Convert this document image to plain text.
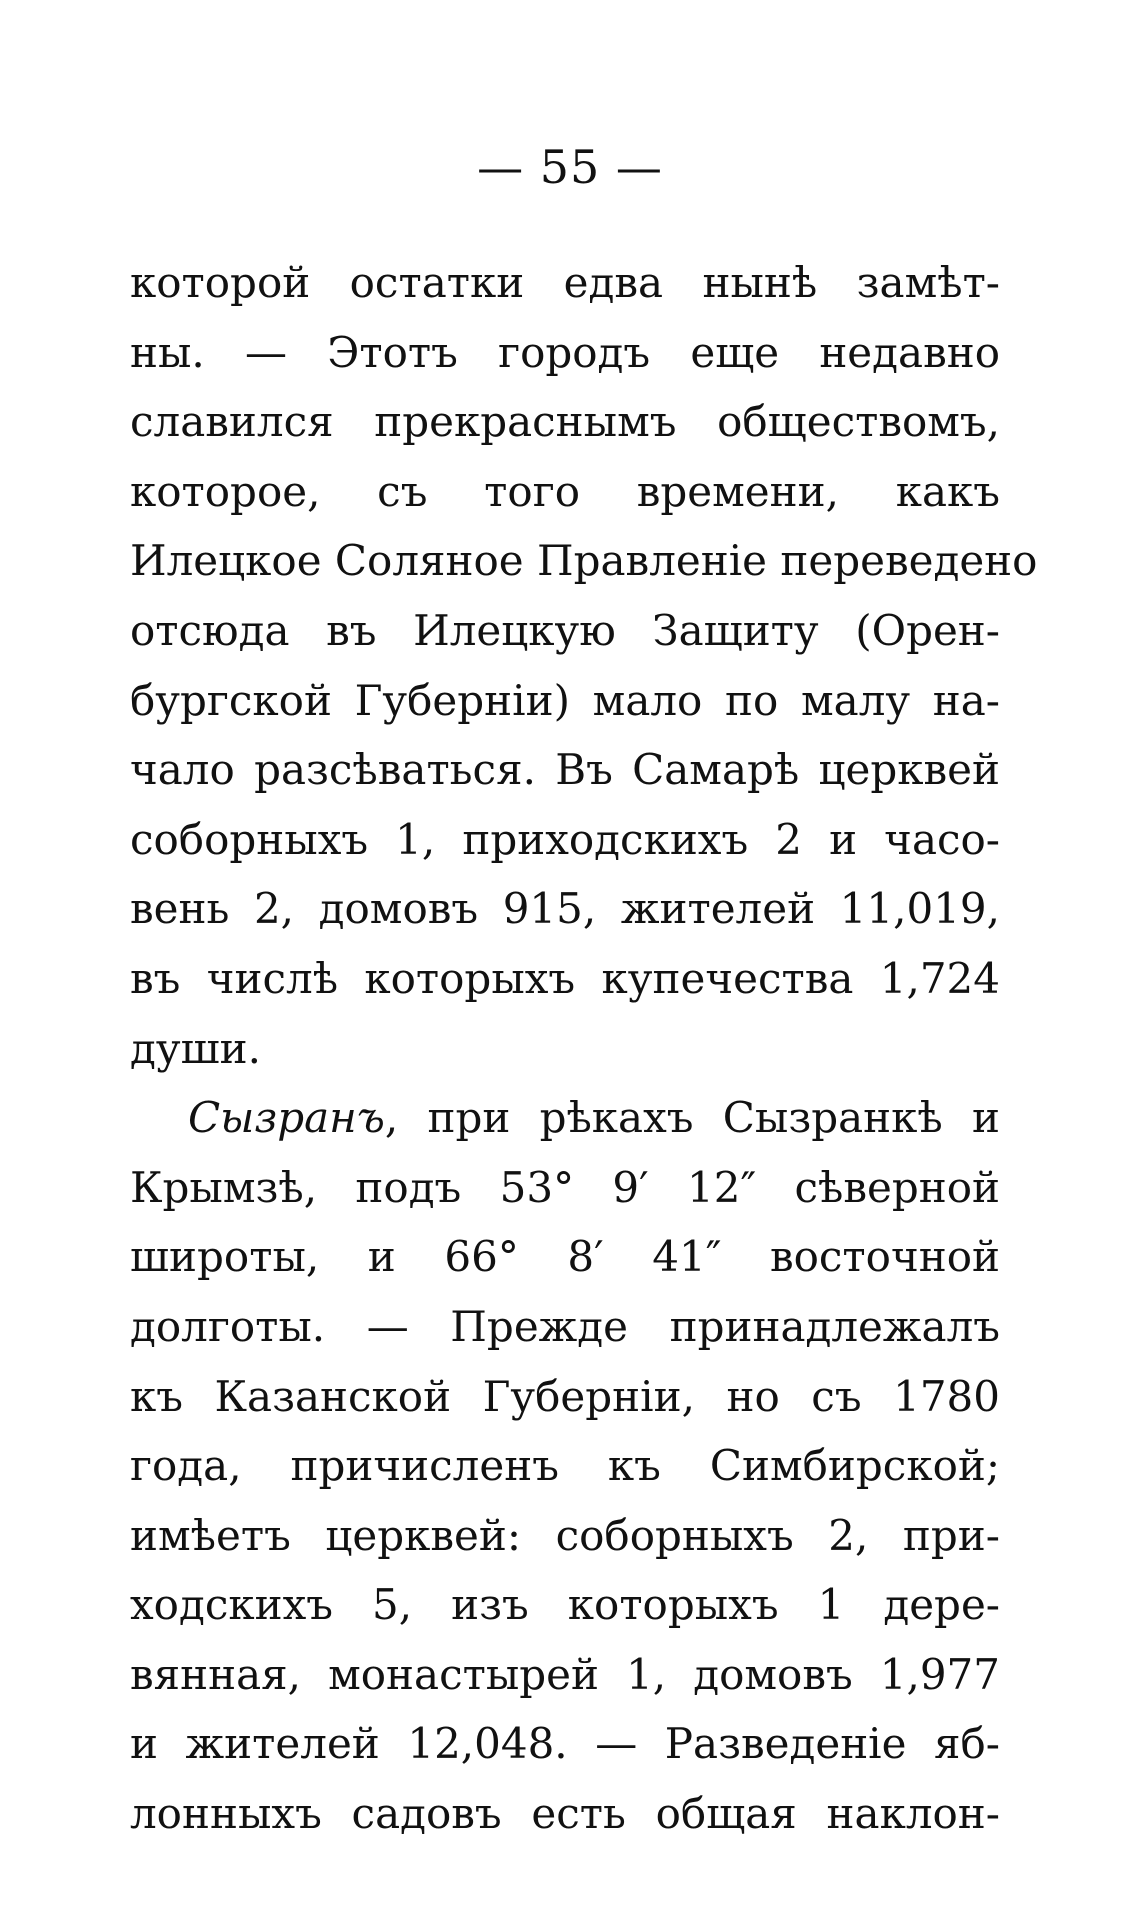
— 55 —
которой остатки едва нынѣ замѣт-
ны. — Этотъ городъ еще недавно
славился прекраснымъ обществомъ,
которое, съ того времени, какъ
Илецкое Соляное Правленіе переведено
отсюда въ Илецкую Защиту (Орен-
бургской Губерніи) мало по малу на-
чало разсѣваться. Въ Самарѣ церквей
соборныхъ 1, приходскихъ 2 и часо-
вень 2, домовъ 915, жителей 11,019,
въ числѣ которыхъ купечества 1,724
души.
Сызранъ, при рѣкахъ Сызранкѣ и
Крымзѣ, подъ 53° 9′ 12″ сѣверной
широты, и 66° 8′ 41″ восточной
долготы. — Прежде принадлежалъ
къ Казанской Губерніи, но съ 1780
года, причисленъ къ Симбирской;
имѣетъ церквей: соборныхъ 2, при-
ходскихъ 5, изъ которыхъ 1 дере-
вянная, монастырей 1, домовъ 1,977
и жителей 12,048. — Разведеніе яб-
лонныхъ садовъ есть общая наклон-
